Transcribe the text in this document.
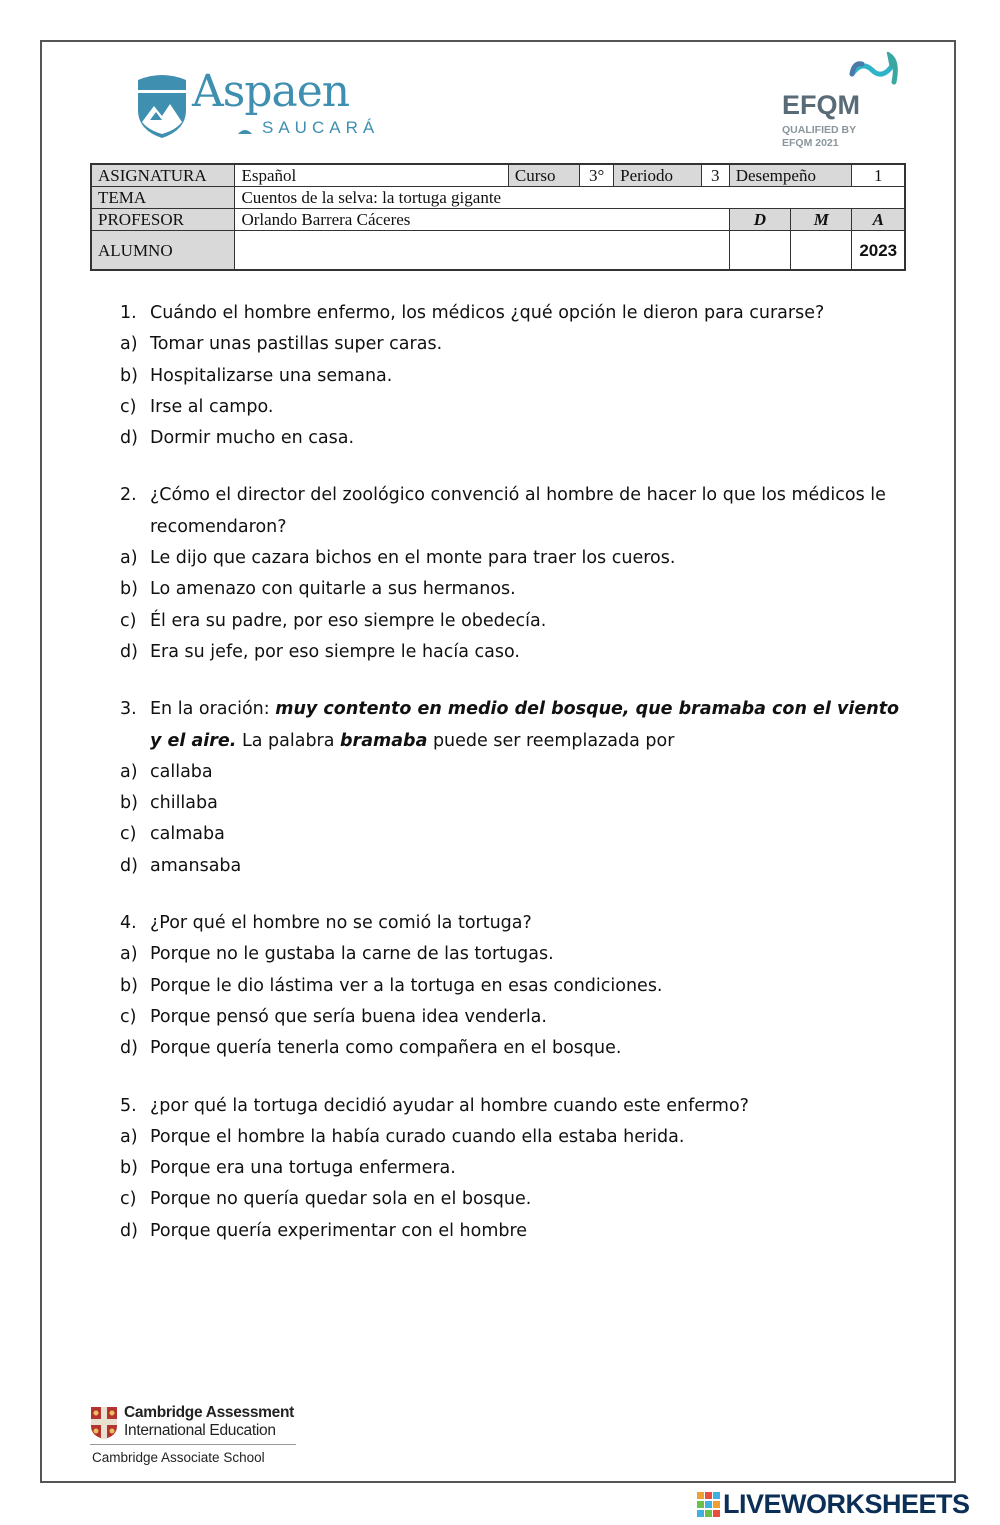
Aspaen
SAUCARÁ
EFQM
QUALIFIED BY
EFQM 2021
ASIGNATURA	Español	Curso	3°	Periodo	3	Desempeño		1
TEMA	Cuentos de la selva: la tortuga gigante							
PROFESOR	Orlando Barrera Cáceres					D	M	A
ALUMNO								2023
1. Cuándo el hombre enfermo, los médicos ¿qué opción le dieron para curarse?
a) Tomar unas pastillas super caras.
b) Hospitalizarse una semana.
c) Irse al campo.
d) Dormir mucho en casa.
2. ¿Cómo el director del zoológico convenció al hombre de hacer lo que los médicos le recomendaron?
a) Le dijo que cazara bichos en el monte para traer los cueros.
b) Lo amenazo con quitarle a sus hermanos.
c) Él era su padre, por eso siempre le obedecía.
d) Era su jefe, por eso siempre le hacía caso.
3. En la oración: muy contento en medio del bosque, que bramaba con el viento y el aire. La palabra bramaba puede ser reemplazada por
a) callaba
b) chillaba
c) calmaba
d) amansaba
4. ¿Por qué el hombre no se comió la tortuga?
a) Porque no le gustaba la carne de las tortugas.
b) Porque le dio lástima ver a la tortuga en esas condiciones.
c) Porque pensó que sería buena idea venderla.
d) Porque quería tenerla como compañera en el bosque.
5. ¿por qué la tortuga decidió ayudar al hombre cuando este enfermo?
a) Porque el hombre la había curado cuando ella estaba herida.
b) Porque era una tortuga enfermera.
c) Porque no quería quedar sola en el bosque.
d) Porque quería experimentar con el hombre
Cambridge Assessment
International Education
Cambridge Associate School
LIVEWORKSHEETS
